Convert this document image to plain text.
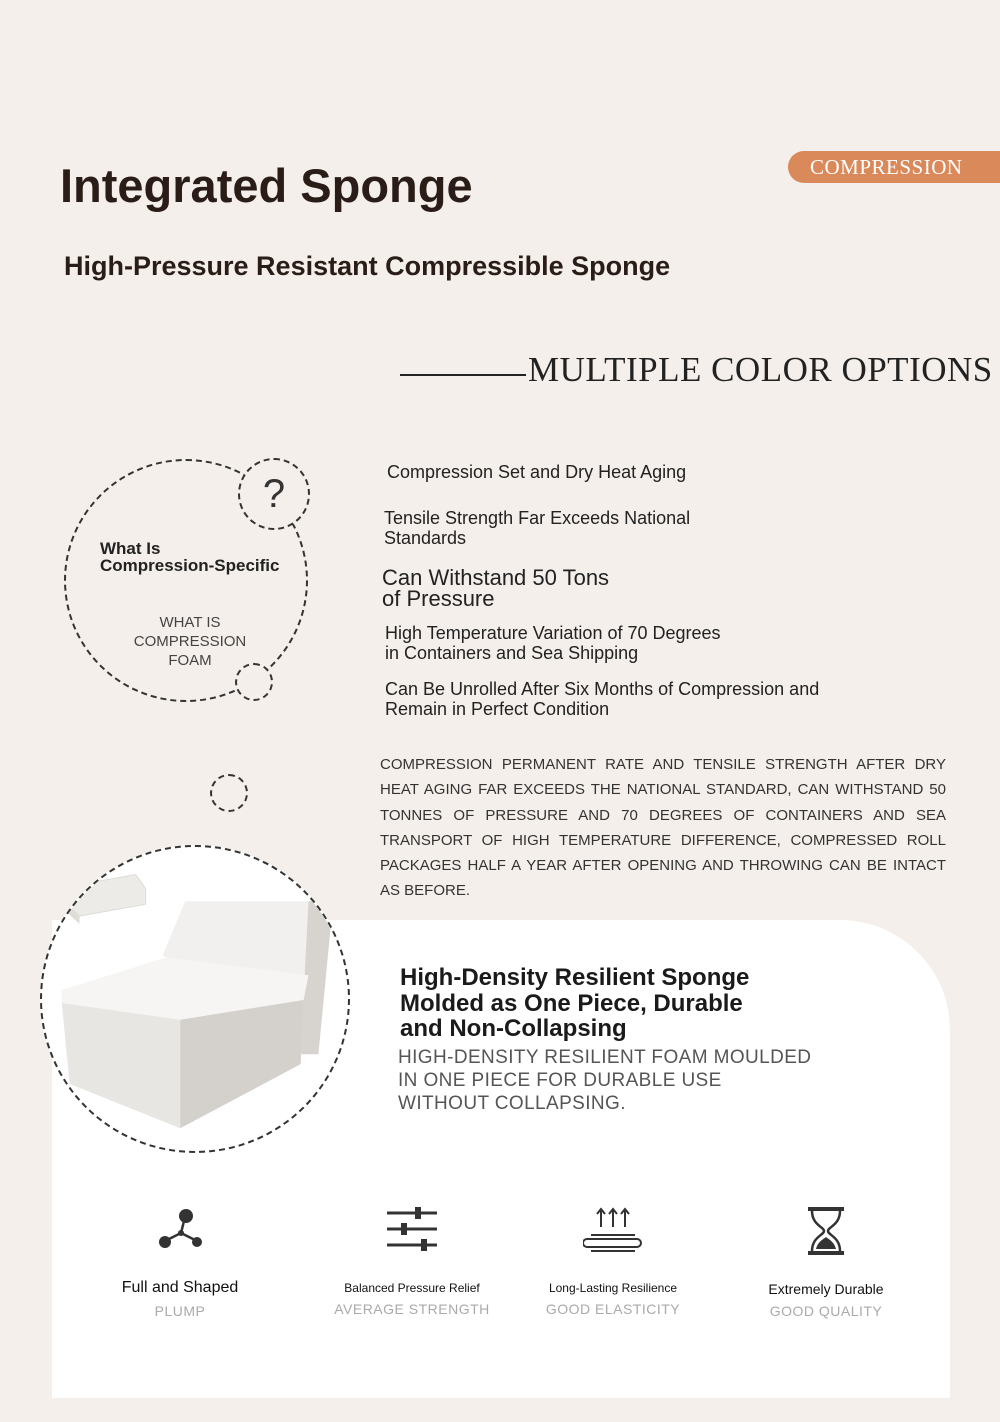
COMPRESSION
Integrated Sponge
High-Pressure Resistant Compressible Sponge
MULTIPLE COLOR OPTIONS
?
What Is
Compression-Specific
WHAT IS
COMPRESSION
FOAM
Compression Set and Dry Heat Aging
Tensile Strength Far Exceeds National
Standards
Can Withstand 50 Tons
of Pressure
High Temperature Variation of 70 Degrees
in Containers and Sea Shipping
Can Be Unrolled After Six Months of Compression and
Remain in Perfect Condition
COMPRESSION PERMANENT RATE AND TENSILE STRENGTH AFTER DRY HEAT AGING FAR EXCEEDS THE NATIONAL STANDARD, CAN WITHSTAND 50 TONNES OF PRESSURE AND 70 DEGREES OF CONTAINERS AND SEA TRANSPORT OF HIGH TEMPERATURE DIFFERENCE, COMPRESSED ROLL PACKAGES HALF A YEAR AFTER OPENING AND THROWING CAN BE INTACT AS BEFORE.
High-Density Resilient Sponge
Molded as One Piece, Durable
and Non-Collapsing
HIGH-DENSITY RESILIENT FOAM MOULDED
IN ONE PIECE FOR DURABLE USE
WITHOUT COLLAPSING.
Full and Shaped
PLUMP
Balanced Pressure Relief
AVERAGE STRENGTH
Long-Lasting Resilience
GOOD ELASTICITY
Extremely Durable
GOOD QUALITY
